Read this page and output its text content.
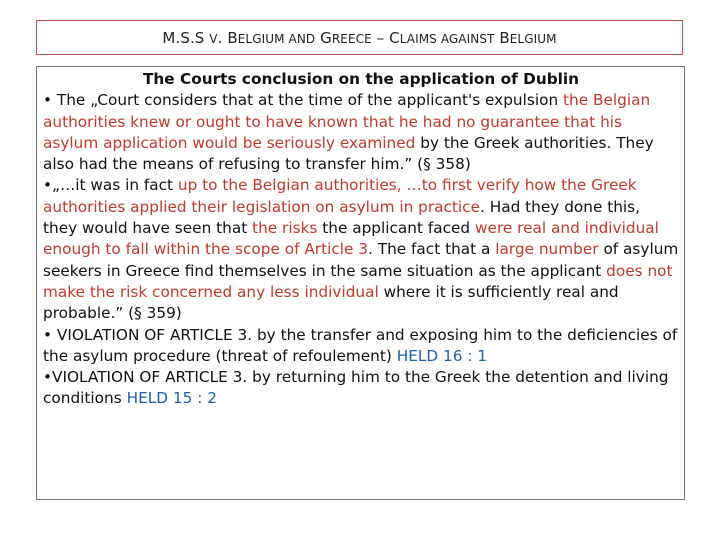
M.S.S V. BELGIUM AND GREECE – CLAIMS AGAINST BELGIUM
The Courts conclusion on the application of Dublin

• The „Court considers that at the time of the applicant's expulsion the Belgian authorities knew or ought to have known that he had no guarantee that his asylum application would be seriously examined by the Greek authorities. They also had the means of refusing to transfer him.” (§ 358)

•„…it was in fact up to the Belgian authorities, …to first verify how the Greek authorities applied their legislation on asylum in practice. Had they done this, they would have seen that the risks the applicant faced were real and individual enough to fall within the scope of Article 3. The fact that a large number of asylum seekers in Greece find themselves in the same situation as the applicant does not make the risk concerned any less individual where it is sufficiently real and probable.” (§ 359)

• VIOLATION OF ARTICLE 3. by the transfer and exposing him to the deficiencies of the asylum procedure (threat of refoulement) HELD 16 : 1

•VIOLATION OF ARTICLE 3. by returning him to the Greek the detention and living conditions HELD 15 : 2
